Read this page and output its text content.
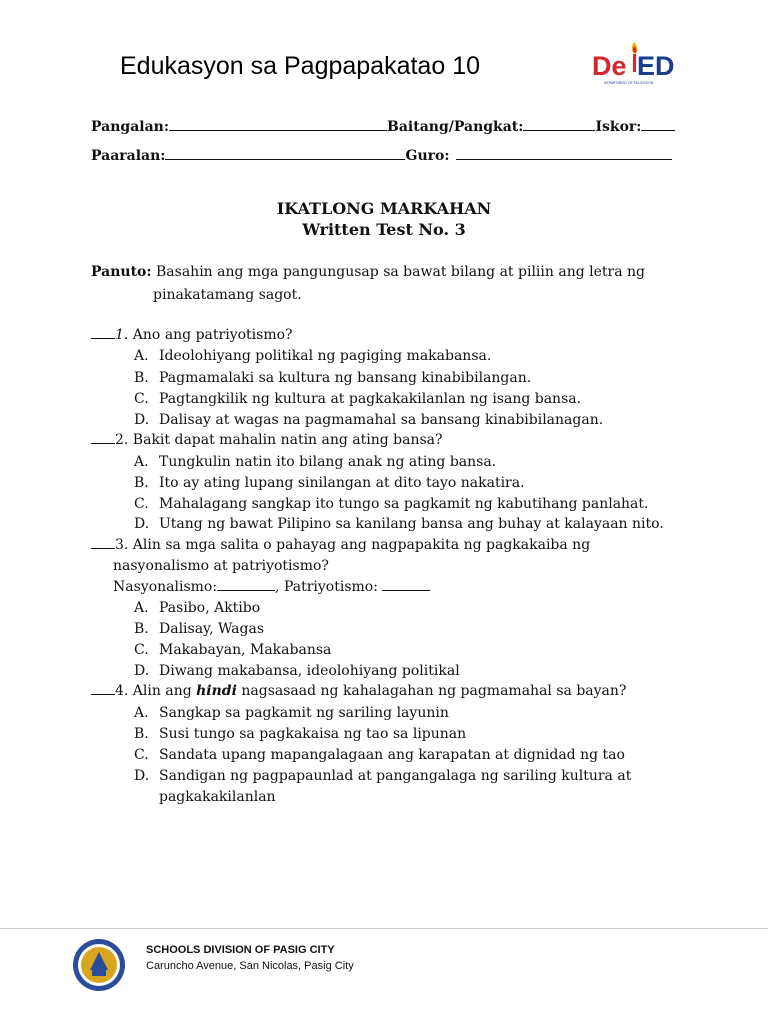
Edukasyon sa Pagpapakatao 10	De ED
DEPARTMENT OF EDUCATION
Pangalan:	Baitang/Pangkat:	Iskor:
Paaralan:	Guro:
IKATLONG MARKAHAN
Written Test No. 3
Panuto: Basahin ang mga pangungusap sa bawat bilang at piliin ang letra ng
pinakatamang sagot.
1. Ano ang patriyotismo?
A. Ideolohiyang politikal ng pagiging makabansa.
B. Pagmamalaki sa kultura ng bansang kinabibilangan.
C. Pagtangkilik ng kultura at pagkakakilanlan ng isang bansa.
D. Dalisay at wagas na pagmamahal sa bansang kinabibilanagan.
2. Bakit dapat mahalin natin ang ating bansa?
A. Tungkulin natin ito bilang anak ng ating bansa.
B. Ito ay ating lupang sinilangan at dito tayo nakatira.
C. Mahalagang sangkap ito tungo sa pagkamit ng kabutihang panlahat.
D. Utang ng bawat Pilipino sa kanilang bansa ang buhay at kalayaan nito.
3. Alin sa mga salita o pahayag ang nagpapakita ng pagkakaiba ng
nasyonalismo at patriyotismo?
Nasyonalismo:	, Patriyotismo:
A. Pasibo, Aktibo
B. Dalisay, Wagas
C. Makabayan, Makabansa
D. Diwang makabansa, ideolohiyang politikal
4. Alin ang hindi nagsasaad ng kahalagahan ng pagmamahal sa bayan?
A. Sangkap sa pagkamit ng sariling layunin
B. Susi tungo sa pagkakaisa ng tao sa lipunan
C. Sandata upang mapangalagaan ang karapatan at dignidad ng tao
D. Sandigan ng pagpapaunlad at pangangalaga ng sariling kultura at
pagkakakilanlan
SCHOOLS DIVISION OF PASIG CITY
Caruncho Avenue, San Nicolas, Pasig City
